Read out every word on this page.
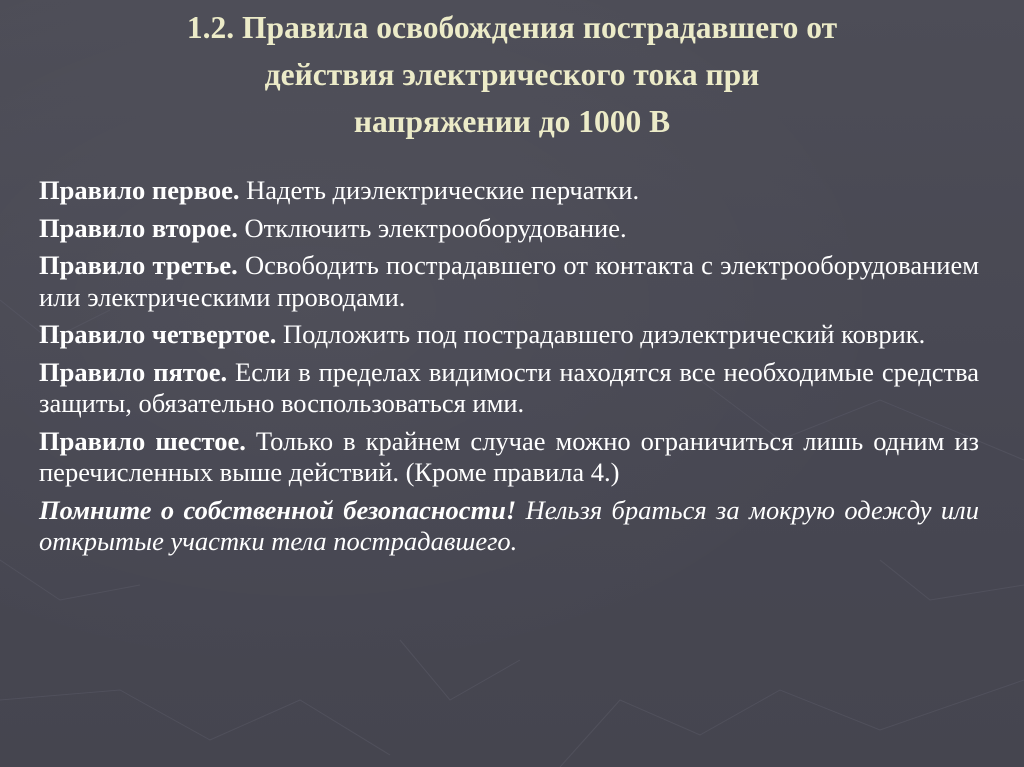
1.2. Правила освобождения пострадавшего от
действия электрического тока при
напряжении до 1000 В

Правило первое. Надеть диэлектрические перчатки.

Правило второе. Отключить электрооборудование.

Правило третье. Освободить пострадавшего от контакта с электрооборудованием или электрическими проводами.

Правило четвертое. Подложить под пострадавшего диэлектрический коврик.

Правило пятое. Если в пределах видимости находятся все необходимые средства защиты, обязательно воспользоваться ими.

Правило шестое. Только в крайнем случае можно ограничиться лишь одним из перечисленных выше действий. (Кроме правила 4.)

Помните о собственной безопасности! Нельзя браться за мокрую одежду или открытые участки тела пострадавшего.
